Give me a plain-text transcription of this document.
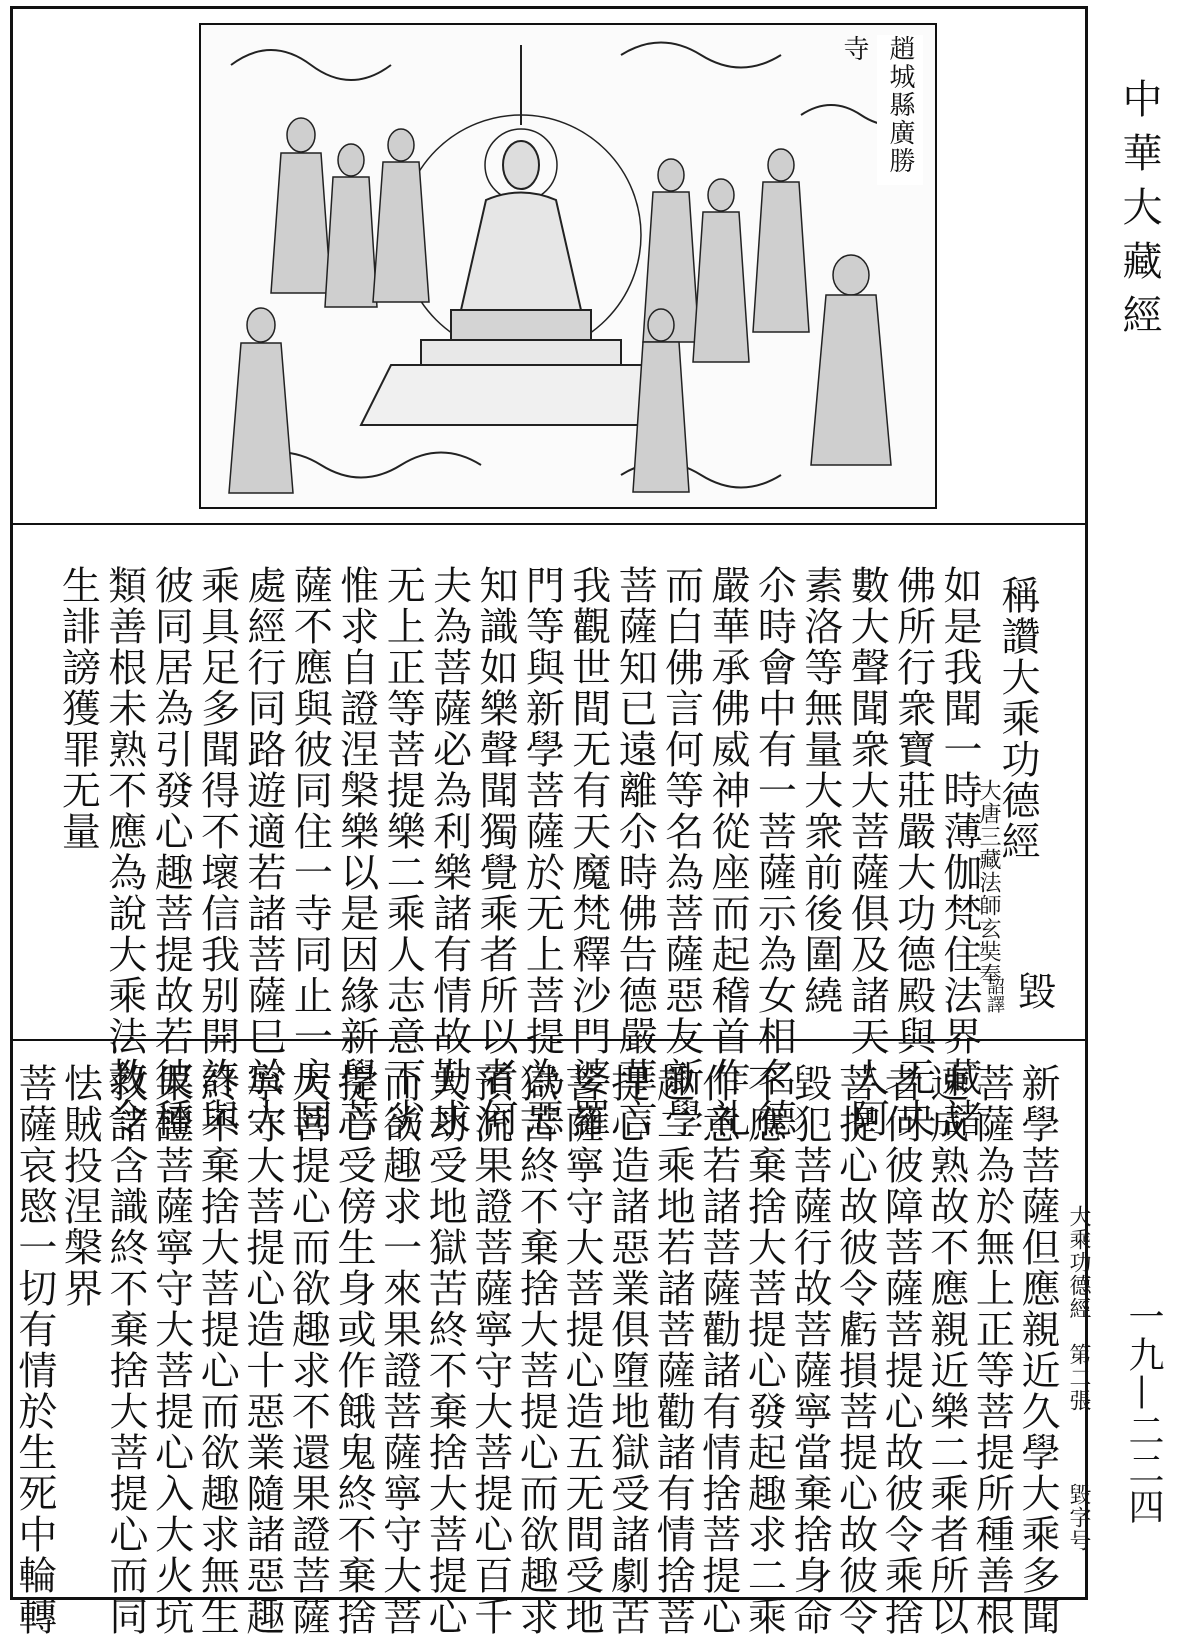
趙城縣廣勝寺
稱讚大乘功德經
大唐三藏法師玄奘奉
詔譯 毀
如是我聞一時薄伽梵住法界藏諸
佛所行衆寶莊嚴大功德殿與无央
數大聲聞衆大菩薩俱及諸天人阿
素洛等無量大衆前後圍繞
尒時會中有一菩薩示為女相名德
嚴華承佛威神從座而起稽首作礼
而白佛言何等名為菩薩惡友新學
菩薩知已遠離尒時佛告德嚴華言
我觀世間无有天魔梵釋沙門婆羅
門等與新學菩薩於无上菩提為惡
知識如樂聲聞獨覺乘者所以者何
夫為菩薩必為利樂諸有情故勤求
无上正等菩提樂二乘人志意下劣
惟求自證涅槃樂以是因緣新學菩
薩不應與彼同住一寺同止一房同
處經行同路遊適若諸菩薩巳於大
乘具足多聞得不壞信我别開許與
彼同居為引發心趣菩提故若彼種
類善根未熟不應為說大乘法教令
生誹謗獲罪无量
大乘功德經
第二張
毀字号
新學菩薩但應親近久學大乘多聞
菩薩為於無上正等菩提所種善根
速成熟故不應親近樂二乘者所以
者何彼障菩薩菩提心故彼令乘捨
菩提心故彼令虧損菩提心故彼令
毀犯菩薩行故菩薩寧當棄捨身命
不應棄捨大菩提心發起趣求二乘
作意若諸菩薩勸諸有情捨菩提心
趣二乘地若諸菩薩勸諸有情捨菩
提心造諸惡業俱墮地獄受諸劇苦
菩薩寧守大菩提心造五无間受地
獄苦終不棄捨大菩提心而欲趣求
預流果證菩薩寧守大菩提心百千
大劫受地獄苦終不棄捨大菩提心
而欲趣求一來果證菩薩寧守大菩
提心受傍生身或作餓鬼終不棄捨
大菩提心而欲趣求不還果證菩薩
寧守大菩提心造十惡業隨諸惡趣
終不棄捨大菩提心而欲趣求無生
果證菩薩寧守大菩提心入大火坑
救諸含識終不棄捨大菩提心而同
怯賊投涅槃界
菩薩哀愍一切有情於生死中輪轉
中華大藏經
一九—二二四
